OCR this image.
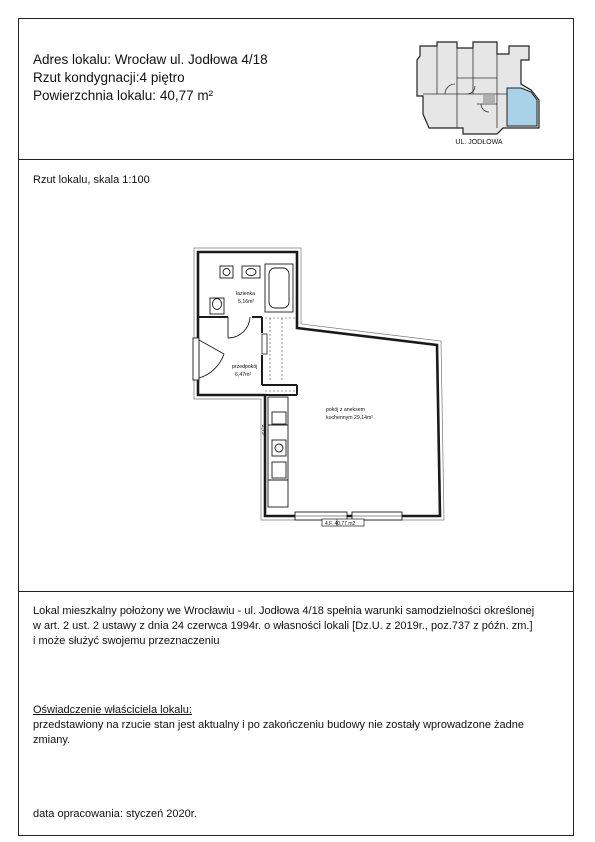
Adres lokalu: Wrocław ul. Jodłowa 4/18
Rzut kondygnacji:4 piętro
Powierzchnia lokalu: 40,77 m²
UL. JODŁOWA
Rzut lokalu, skala 1:100
łazienka
5,16m²
przedpokój
6,47m²
pokój z aneksem
kuchennym 29,14m²
2,79
4.F. 40,77 m2

Lokal mieszkalny położony we Wrocławiu - ul. Jodłowa 4/18 spełnia warunki samodzielności określonej

w art. 2 ust. 2 ustawy z dnia 24 czerwca 1994r. o własności lokali [Dz.U. z 2019r., poz.737 z późn. zm.]

i może służyć swojemu przeznaczeniu

Oświadczenie właściciela lokalu:

przedstawiony na rzucie stan jest aktualny i po zakończeniu budowy nie zostały wprowadzone żadne

zmiany.

data opracowania: styczeń 2020r.
